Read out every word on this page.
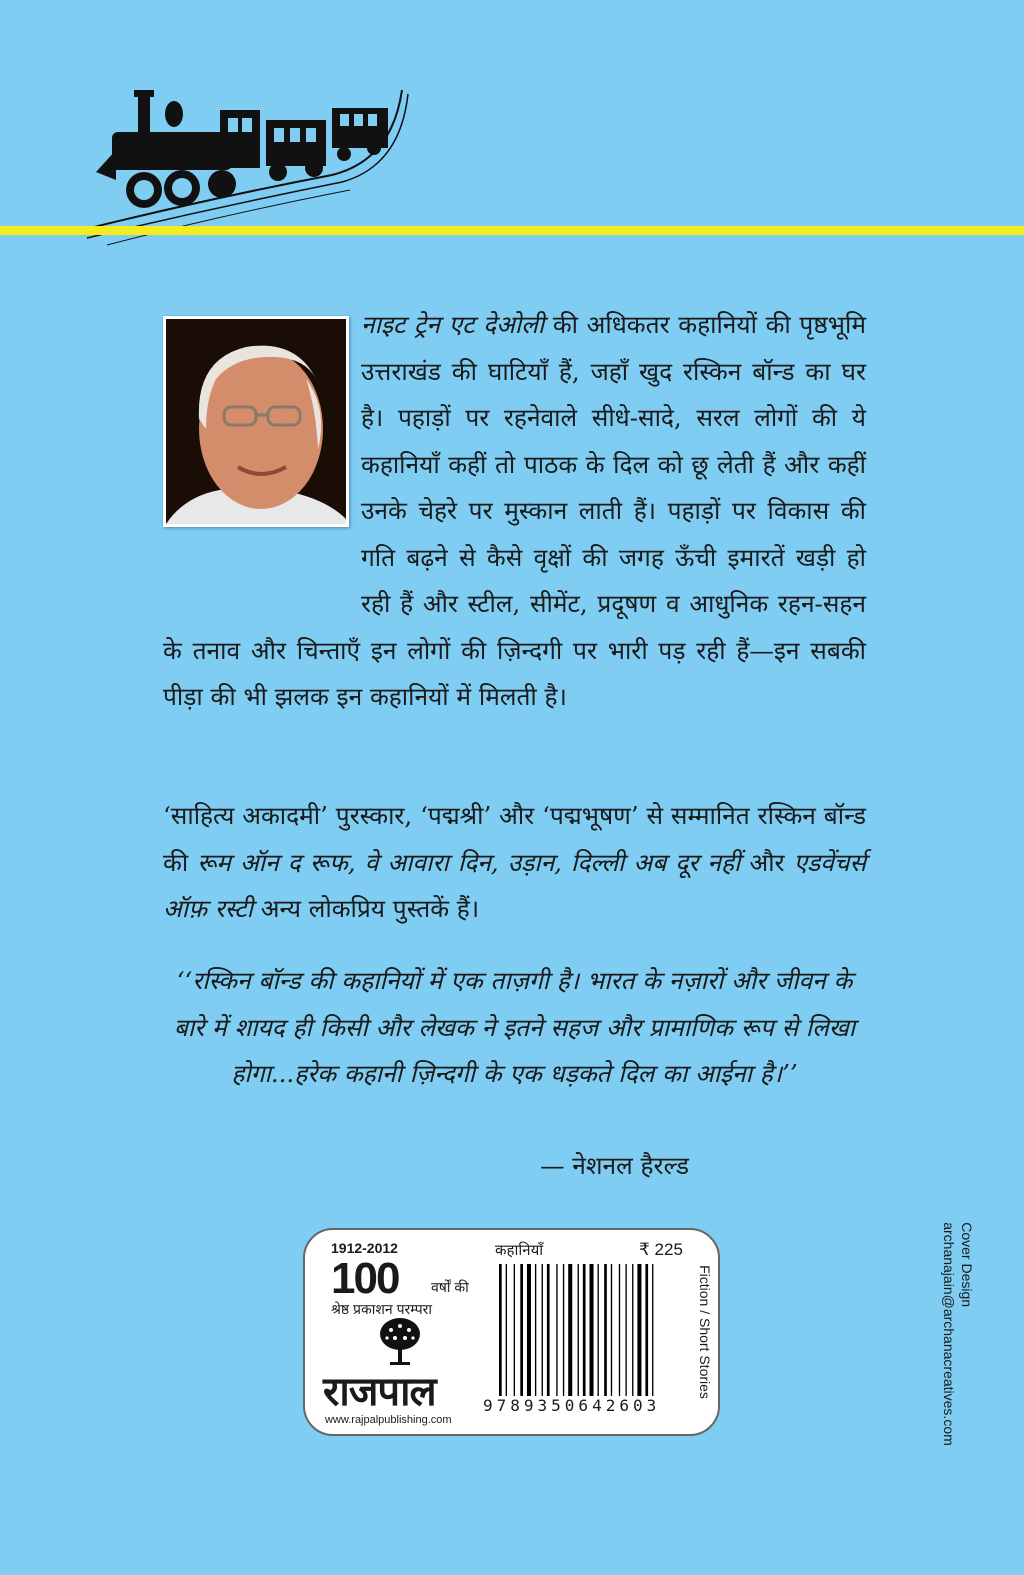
नाइट ट्रेन एट देओली की अधिकतर कहानियों की पृष्ठभूमि उत्तराखंड की घाटियाँ हैं, जहाँ खुद रस्किन बॉन्ड का घर है। पहाड़ों पर रहनेवाले सीधे-सादे, सरल लोगों की ये कहानियाँ कहीं तो पाठक के दिल को छू लेती हैं और कहीं उनके चेहरे पर मुस्कान लाती हैं। पहाड़ों पर विकास की गति बढ़ने से कैसे वृक्षों की जगह ऊँची इमारतें खड़ी हो रही हैं और स्टील, सीमेंट, प्रदूषण व आधुनिक रहन-सहन के तनाव और चिन्ताएँ इन लोगों की ज़िन्दगी पर भारी पड़ रही हैं—इन सबकी पीड़ा की भी झलक इन कहानियों में मिलती है।
‘साहित्य अकादमी’ पुरस्कार, ‘पद्मश्री’ और ‘पद्मभूषण’ से सम्मानित रस्किन बॉन्ड की रूम ऑन द रूफ, वे आवारा दिन, उड़ान, दिल्ली अब दूर नहीं और एडवेंचर्स ऑफ़ रस्टी अन्य लोकप्रिय पुस्तकें हैं।
‘‘रस्किन बॉन्ड की कहानियों में एक ताज़गी है। भारत के नज़ारों और जीवन के बारे में शायद ही किसी और लेखक ने इतने सहज और प्रामाणिक रूप से लिखा होगा...हरेक कहानी ज़िन्दगी के एक धड़कते दिल का आईना है।’’
— नेशनल हैरल्ड
1912-2012
100 वर्षों की
श्रेष्ठ प्रकाशन परम्परा
राजपाल
www.rajpalpublishing.com
कहानियाँ	₹ 225
9789350642603
Fiction / Short Stories
Cover Design
archanajain@archanacreatives.com
